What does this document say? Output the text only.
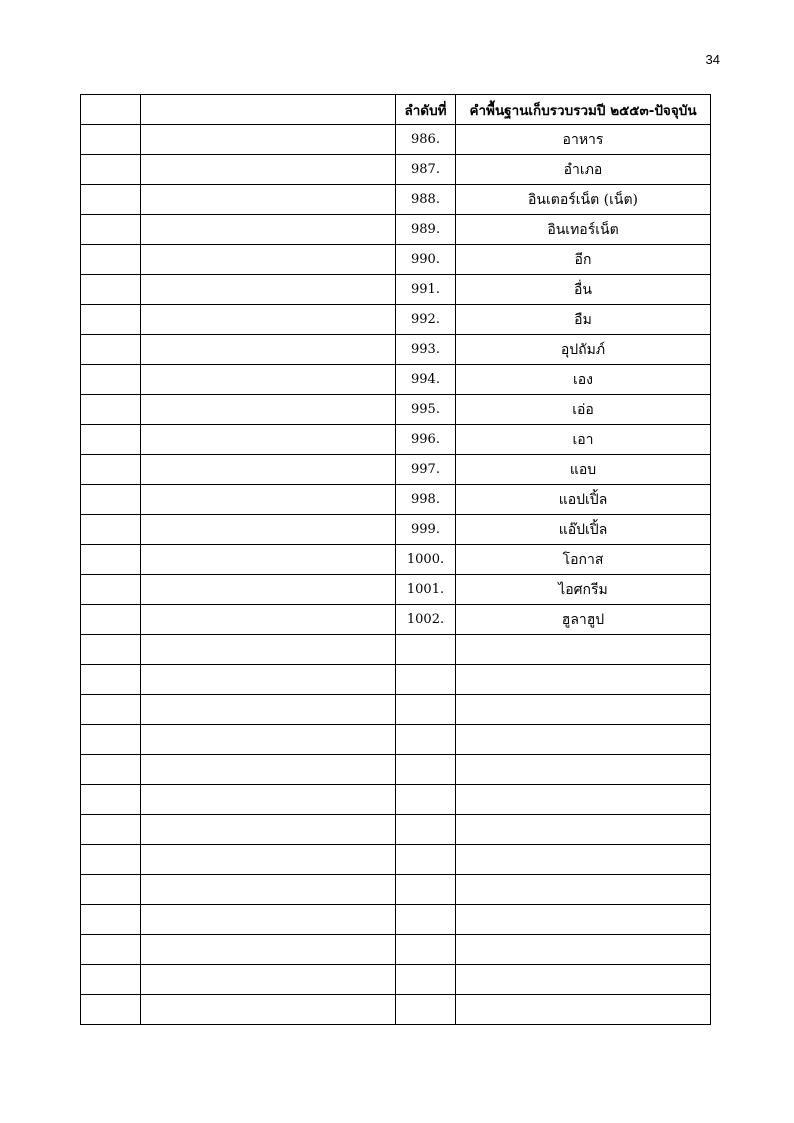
34
		ลำดับที่	คำพื้นฐานเก็บรวบรวมปี ๒๕๕๓-ปัจจุบัน
		986.	อาหาร
		987.	อำเภอ
		988.	อินเตอร์เน็ต (เน็ต)
		989.	อินเทอร์เน็ต
		990.	อีก
		991.	อื่น
		992.	อืม
		993.	อุปถัมภ์
		994.	เอง
		995.	เอ่อ
		996.	เอา
		997.	แอบ
		998.	แอปเปิ้ล
		999.	แอ๊ปเปิ้ล
		1000.	โอกาส
		1001.	ไอศกรีม
		1002.	ฮูลาฮูป
